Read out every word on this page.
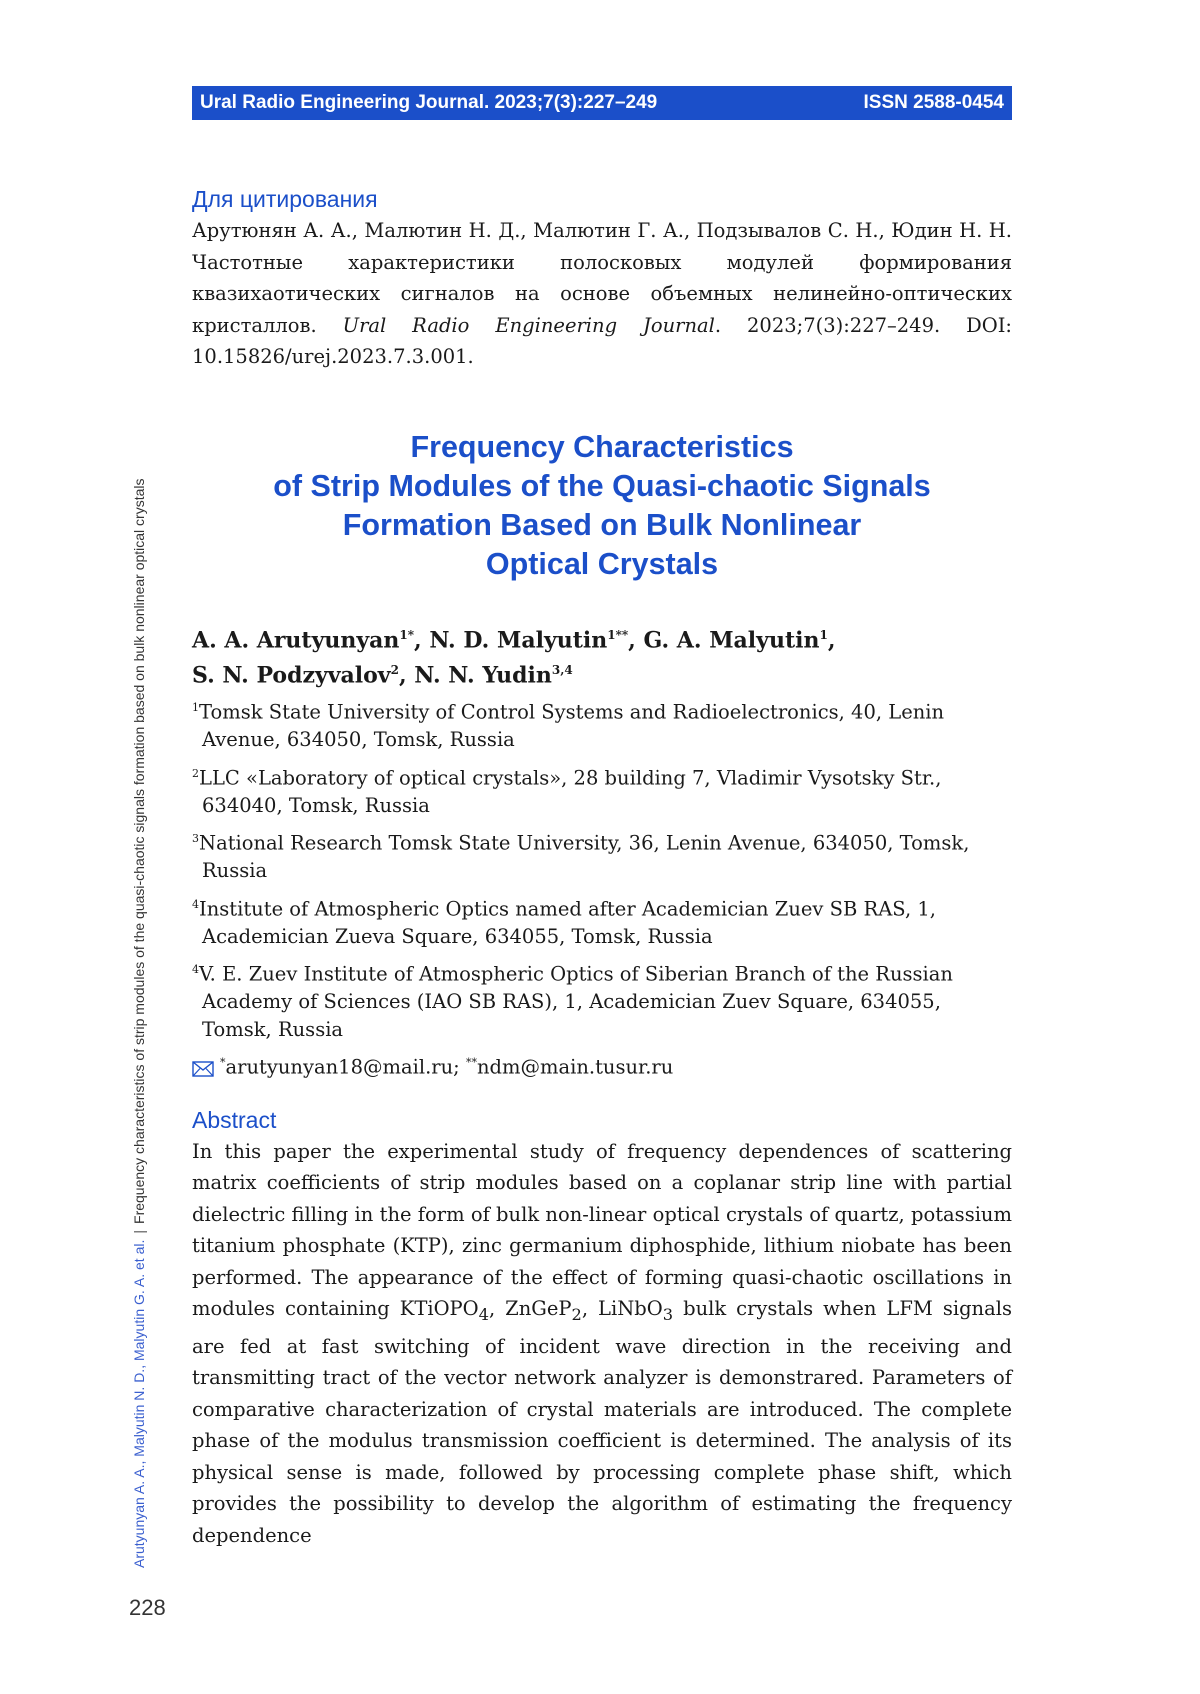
Ural Radio Engineering Journal. 2023;7(3):227–249	ISSN 2588-0454
Arutyunyan A. A., Malyutin N. D., Malyutin G. A. et al.|Frequency characteristics of strip modules of the quasi-chaotic signals formation based on bulk nonlinear optical crystals
228
Для цитирования
Арутюнян А. А., Малютин Н. Д., Малютин Г. А., Подзывалов С. Н., Юдин Н. Н. Частотные характеристики полосковых модулей формирования квазихаотических сигналов на основе объемных нелинейно-оптических кристаллов. Ural Radio Engineering Journal. 2023;7(3):227–249. DOI: 10.15826/urej.2023.7.3.001.
Frequency Characteristics
of Strip Modules of the Quasi-chaotic Signals
Formation Based on Bulk Nonlinear
Optical Crystals
A. A. Arutyunyan1*, N. D. Malyutin1**, G. A. Malyutin1,
S. N. Podzyvalov2, N. N. Yudin3,4
1Tomsk State University of Control Systems and Radioelectronics, 40, Lenin Avenue, 634050, Tomsk, Russia
2LLC «Laboratory of optical crystals», 28 building 7, Vladimir Vysotsky Str., 634040, Tomsk, Russia
3National Research Tomsk State University, 36, Lenin Avenue, 634050, Tomsk, Russia
4Institute of Atmospheric Optics named after Academician Zuev SB RAS, 1, Academician Zueva Square, 634055, Tomsk, Russia
4V. E. Zuev Institute of Atmospheric Optics of Siberian Branch of the Russian Academy of Sciences (IAO SB RAS), 1, Academician Zuev Square, 634055, Tomsk, Russia
*arutyunyan18@mail.ru; **ndm@main.tusur.ru
Abstract
In this paper the experimental study of frequency dependences of scattering matrix coefficients of strip modules based on a coplanar strip line with partial dielectric filling in the form of bulk non-linear optical crystals of quartz, potassium titanium phosphate (KTP), zinc germanium diphosphide, lithium niobate has been performed. The appearance of the effect of forming quasi-chaotic oscillations in modules containing KTiOPO4, ZnGeP2, LiNbO3 bulk crystals when LFM signals are fed at fast switching of incident wave direction in the receiving and transmitting tract of the vector network analyzer is demonstrared. Parameters of comparative characterization of crystal materials are introduced. The complete phase of the modulus transmission coefficient is determined. The analysis of its physical sense is made, followed by processing complete phase shift, which provides the possibility to develop the algorithm of estimating the frequency dependence
